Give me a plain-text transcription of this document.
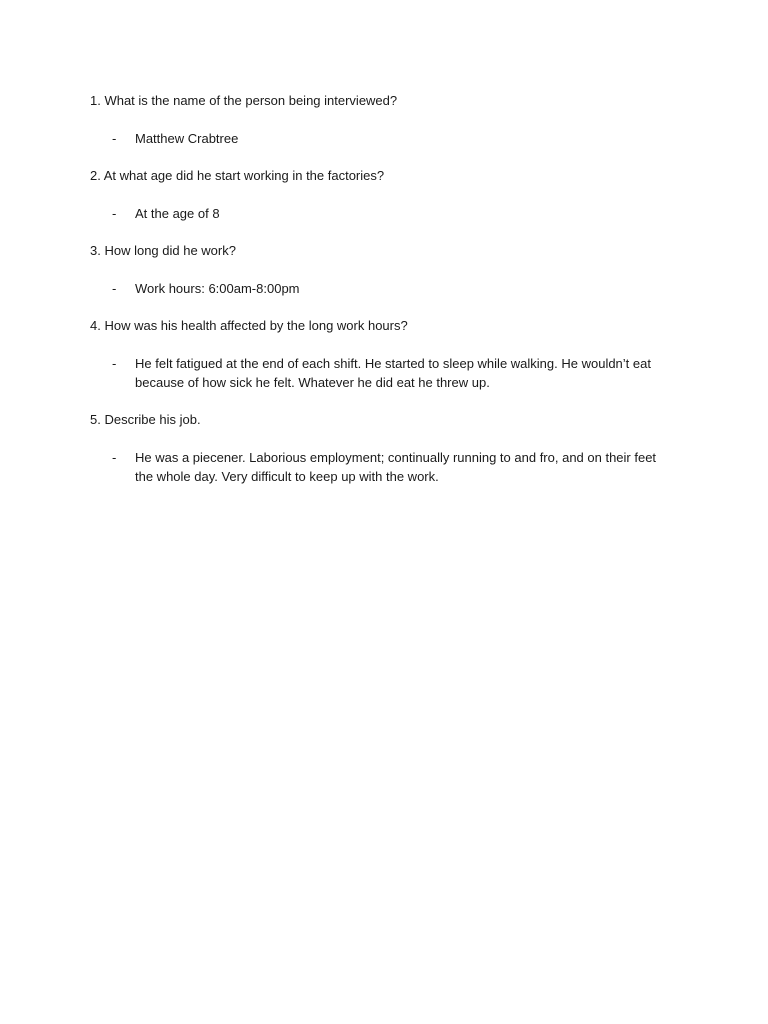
1. What is the name of the person being interviewed?
- Matthew Crabtree
2. At what age did he start working in the factories?
- At the age of 8
3. How long did he work?
- Work hours: 6:00am-8:00pm
4. How was his health affected by the long work hours?
- He felt fatigued at the end of each shift. He started to sleep while walking. He wouldn’t eat because of how sick he felt. Whatever he did eat he threw up.
5. Describe his job.
- He was a piecener. Laborious employment; continually running to and fro, and on their feet the whole day. Very difficult to keep up with the work.
